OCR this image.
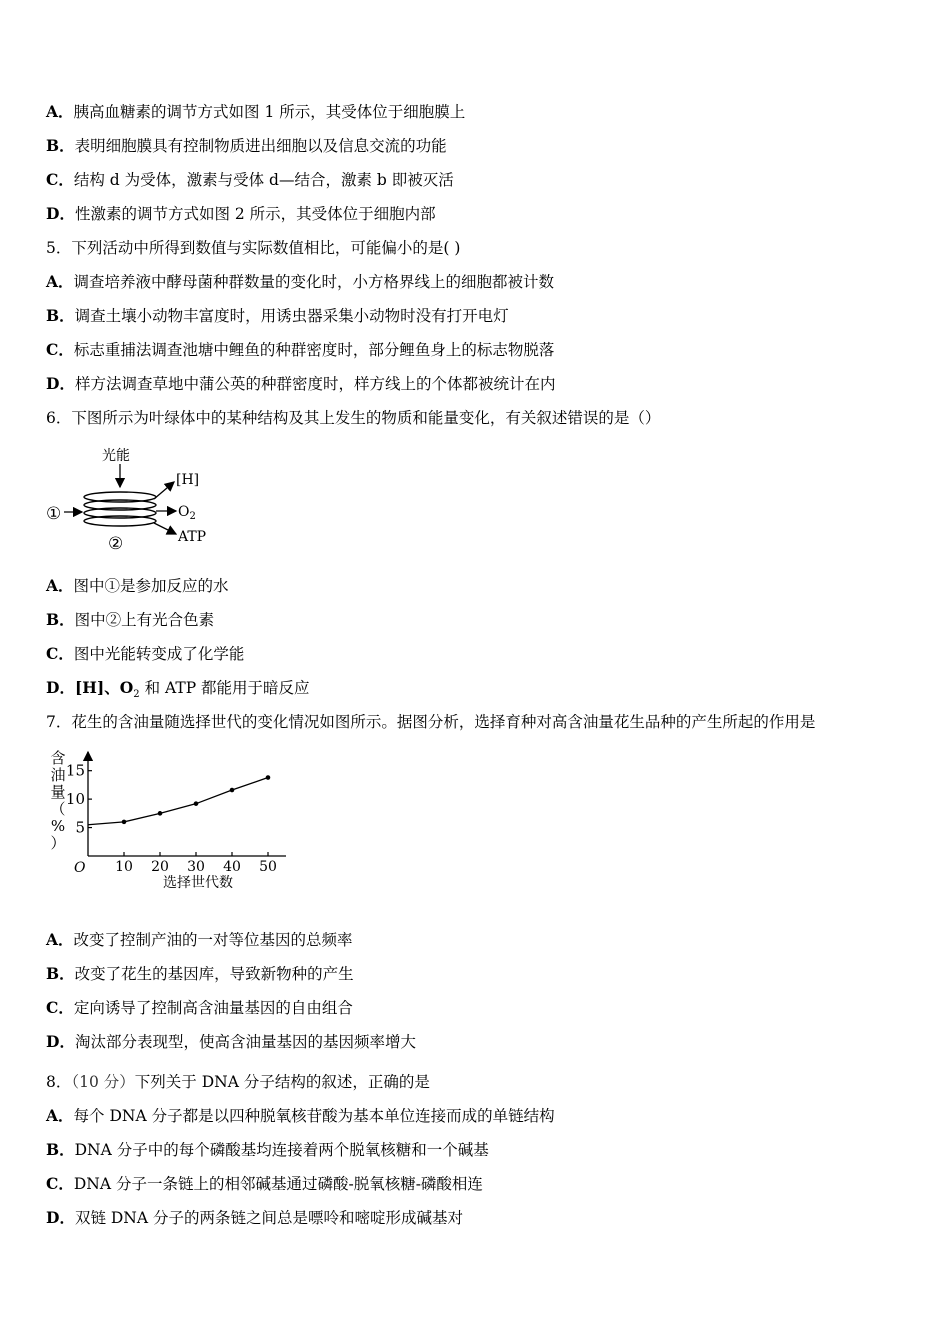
A．胰高血糖素的调节方式如图 1 所示，其受体位于细胞膜上
B．表明细胞膜具有控制物质进出细胞以及信息交流的功能
C．结构 d 为受体，激素与受体 d—结合，激素 b 即被灭活
D．性激素的调节方式如图 2 所示，其受体位于细胞内部
5．下列活动中所得到数值与实际数值相比，可能偏小的是( )
A．调查培养液中酵母菌种群数量的变化时，小方格界线上的细胞都被计数
B．调查土壤小动物丰富度时，用诱虫器采集小动物时没有打开电灯
C．标志重捕法调查池塘中鲤鱼的种群密度时，部分鲤鱼身上的标志物脱落
D．样方法调查草地中蒲公英的种群密度时，样方线上的个体都被统计在内
6．下图所示为叶绿体中的某种结构及其上发生的物质和能量变化，有关叙述错误的是（）
光能
①
②
[H]
$O_2$
ATP
A．图中①是参加反应的水
B．图中②上有光合色素
C．图中光能转变成了化学能
D．[H]、$O_2$ 和 ATP 都能用于暗反应
7．花生的含油量随选择世代的变化情况如图所示。据图分析，选择育种对高含油量花生品种的产生所起的作用是
含
油
量
（
%
）
O
5
10
15
10 20 30 40 50
选择世代数
A．改变了控制产油的一对等位基因的总频率
B．改变了花生的基因库，导致新物种的产生
C．定向诱导了控制高含油量基因的自由组合
D．淘汰部分表现型，使高含油量基因的基因频率增大
8．（10 分）下列关于 DNA 分子结构的叙述，正确的是
A．每个 DNA 分子都是以四种脱氧核苷酸为基本单位连接而成的单链结构
B．DNA 分子中的每个磷酸基均连接着两个脱氧核糖和一个碱基
C．DNA 分子一条链上的相邻碱基通过磷酸-脱氧核糖-磷酸相连
D．双链 DNA 分子的两条链之间总是嘌呤和嘧啶形成碱基对
